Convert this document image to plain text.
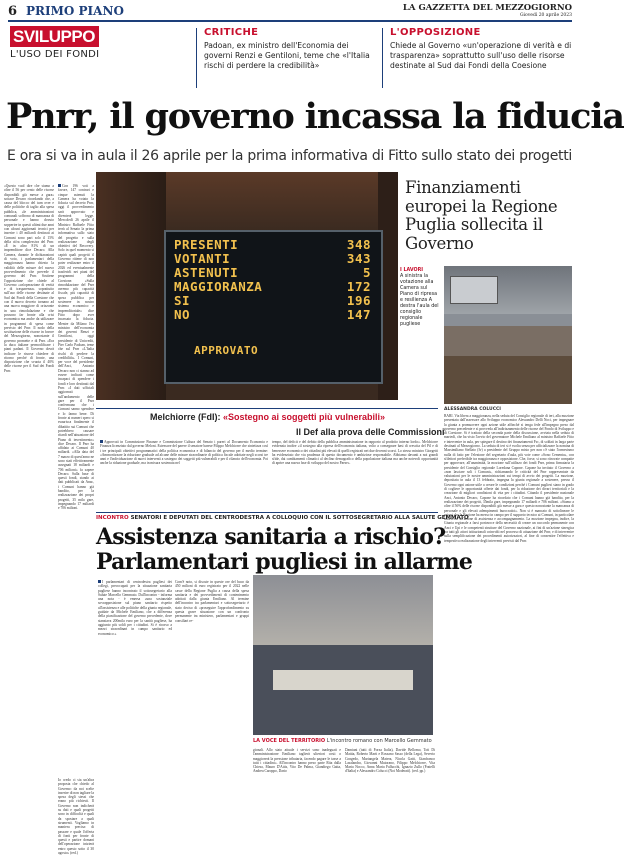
6 PRIMO PIANO	LA GAZZETTA DEL MEZZOGIORNO
Giovedì 20 aprile 2023
SVILUPPO
L'USO DEI FONDI
CRITICHE
Padoan, ex ministro dell'Economia dei governi Renzi e Gentiloni, teme che «l'Italia rischi di perdere la credibilità»
L'OPPOSIZIONE
Chiede al Governo «un'operazione di verità e di trasparenza» soprattutto sull'uso delle risorse destinate al Sud dai Fondi della Coesione
Pnrr, il governo incassa la fiducia
E ora si va in aula il 26 aprile per la prima informativa di Fitto sullo stato dei progetti

Con 196 voti a favore, 147 contrari e cinque astenuti la Camera ha votato la fiducia sul decreto Pnrr, oggi il provvedimento sarà approvato e diventerà legge. Mercoledì 26 aprile il Ministro Raffaele Fitto terrà al Senato la prima informativa sullo stato del progetto e sulla realizzazione degli obiettivi del Recovery. Solo in quel momento si capirà quali progetti il Governo ritiene di non poter realizzare entro il 2026 ed eventualmente trasferirli nei piani del programmi della Coesione. «Sulla rimodulazione del Pnrr avremo più capacità fiscale, più capacità di spesa pubblica per sostenere in nostro sistema economico e imprenditoriale» dice Fitto dopo aver incassato la fiducia. Mentre da Milano l'ex ministro dell'economia dei governi Renzi e Gentiloni, oggi presidente di Unicredit, Pier Carlo Padoan, teme che sul Pnrr «L'Italia rischi di perdere la credibilità». I Comuni, per voce del presidente dell'Anci, Antonio Decaro non ci stanno ad essere indicati come incapaci di spendere i fondi e loro destinati dal Pnrr. «I dati ufficiali aggiornati sull'andamento delle gare per il Pnrr confermano che i Comuni sanno spendere e lo fanno bene. Di fronte ai numeri spero si esaurisca finalmente il dibattito sui Comuni che potrebbero causare ritardi nell'attuazione del Piano di investimento» dice Decaro. Il Pnrr ha affidato ai Comuni 40 miliardi. «Alla data del 7 marzo di quest'anno ne sono stati effettivamente assegnati 18 miliardi e 706 milioni» fa sapere Decaro. Sulla base di questi fondi, stando ai dati pubblicati da Anac, i Comuni hanno già bandito, per la realizzazione dei propri progetti, 35 mila gare, impegnando 17 miliardi e 706 milioni.

«Questo vuol dire che siamo a oltre il 56 per cento delle risorse disponibili già messe a gara» sottace Decaro ricordando che, a causa del blocco del turn over e delle politiche di taglio alla spesa pubblica, «le amministrazioni comunali soffrono di mancanza di personale e hanno dovuto sopperire in questi ultimi due anni con alcuni aggiornati tecnici per inserire i 40 miliardi destinati ai Comuni sono pari solo il 15% della cifra complessiva del Pnrr. «È in altro 81% di un imprenditore dice Decaro. Alla Camera, durante le dichiarazioni di voto, i parlamentari della maggioranza hanno chiesto la validità delle misure del nuovo provvedimento che prevede il governo del Pnrr. Sostiene l'opposizione che chiede al Governo «un'operazione di verità e di trasparenza» soprattutto sull'uso delle risorse destinate al Sud dai Fondi della Coesione che con il nuovo decreto tornano ad una nuova maggiore di orizzonte in una rimodulazione e che possono far fronte alla crisi economica ma anche da utilizzare in programmi di spesa come previsto del Pnrr. Il nodo della sostituzione delle risorse in favore del Mezzogiorno, nonostante il governo promette e di Pnrr. «Era la duca italiane permodificare i piani padani. Il Governo dovrà indicare le risorse chiedere di ritorno perché di fronte, una disposizione che svuota il 40% delle risorse per il Sud dei Fondi Pnrr.

PRESENTI
VOTANTI
ASTENUTI
MAGGIORANZA
SI
NO
348
343
5
172
196
147
APPROVATO
I LAVORI
A sinistra la votazione alla Camera sul Piano di ripresa e resilienza A destra l'aula del consiglio regionale pugliese
Finanziamenti europei la Regione Puglia sollecita il Governo
ALESSANDRA COLUCCI

BARI. Via libera a maggioranza, nella seduta del Consiglio regionale di ieri, alla mozione presentata dall'assessore allo Sviluppo economico Alessandro Delli Noci, per impegnare la giunta a promuovere ogni azione utile affinché si tenga fede all'impegno preso dal governo precedente e si provveda all'indirizzamento delle risorse del Fondo di Sviluppo e di Coesione. Si è trattato della seconda parte della discussione, avviata nella seduta di martedì, che ha visto l'avvio del governatore Michele Emiliano al ministro Raffaele Fitto e intervenire in aula, per spiegare il destino dei finanziamenti Fsc, di soldati in larga parte destinati al Mezzogiorno. La seduta di ieri si è svolta senza per ufficializzare la nomina di Massimiliano Stellato (Iv) a presidente del Gruppo misto per non c'è stato l'ormesismo nulla di fatto per l'elezione del segretario d'aula, più vote come «Sono Cementa», con sfilettori preferibile tra maggioranza e opposizione. Che, forse, si sono ritrovate compatte per approvare, all'unanimità, la mozione sull'utilizzo dei fondi Pnrr, prima firmataria la presidente del Consiglio regionale Loredana Capone. Capone ha invitato il Governo a «non lasciare soli i Comuni», richiamando le criticità del Pnrr rappresentate da valutazioni per le nostre amministrazioni sui tempi di avvio dei progetti. La mozione, depositata in aula il 13 febbraio, impegna la giunta regionale a sostenere, presso il Governo ogni azione utile a creare le condizioni perché i Comuni pugliesi siano in grado di cogliere le opportunità offerte dai fondi, per la riduzione dei divari territoriali e la creazione di migliori condizioni di vita per i cittadini. Citando il presidente nazionale Anci, Antonio Decaro, Capone ha ricordato che i Comuni hanno già bandito, per la realizzazione dei progetti, 35mila gare, impegnando 17 miliardi e 706 milioni. «Siamo a oltre il 56% delle risorse disponibili già messe a gara e questo nonostante la mancanza di personale e gli elevati adempimenti burocratici». Non si è mancato di sottolineare le azioni che la Regione ha messo in campo per il supporto tecnico ai Comuni, in particolare attraverso un'azione di assistenza e accompagnamento. La mozione impegna, inoltre, la Giunta regionale a farsi portavoce della necessità di creare un raccordo permanente con Anci e Upi e le competenti strutture del Governo nazionale, ai fini di un'azione sinergica tra tutti gli attori istituzionali coinvolti nel processo di attuazione del Pnrr, e di intervenire sulla semplificazione dei procedimenti autorizzatori, al fine di consentire l'effettiva e tempestiva realizzazione degli interventi previsti dal Pnrr.

Melchiorre (FdI): «Sostegno ai soggetti più vulnerabili»
Il Def alla prova delle Commissioni

Approvati in Commissione Finanze e Commissione Cultura del Senato i pareri al Documento Economia e Finanza licenziato dal governo Meloni. Estensore del parere il senatore barese Filippo Melchiorre che sintetizza così i tre principali obiettivi programmatici della politica economica e di bilancio del governo per il medio termine: «Ammortizzare la riduzione graduale ad alcune delle misure straordinarie di politica fiscale adottate negli scorsi tre anni e l'individuazione di nuovi interventi a sostegno dei soggetti più vulnerabili e per il rilancio dell'economia. Poi anche la riduzione graduale, ma in misura sostenuta nel

tempo, del deficit e del debito della pubblica amministrazione in rapporto al prodotto interno lordo». Melchiorre evidenzia inoltre «il sostegno alla ripresa dell'economia italiana, volto a consegnare basi di crescita del Pil e di benessere economico dei cittadini più elevati di quelli registrati nei due decenni scorsi. Lo stesso ministro Giorgetti ha evidenziato che via prudenza di questo documento è ambiziose responsabile. Abbiamo davanti a noi grandi sfide, dai cambiamenti climatici al declino demografico della popolazione italiana ma anche notevoli opportunità di aprire una nuova fase di sviluppo del nostro Paese».

INCONTRO SENATORI E DEPUTATI DEL CENTRODESTRA A COLLOQUIO CON IL SOTTOSEGRETARIO ALLA SALUTE GEMMATO
Assistenza sanitaria a rischio?
Parlamentari pugliesi in allarme

I parlamentari di centrodestra pugliesi dei collegi, preoccupati per la situazione sanitaria pugliese hanno incontrato il sottosegretario alla Salute Marcello Gemmato. Dall'incontro - informa una nota - è emersa «una sostanziale sovrapposizione sul piano sanitario rispetto all'assistenza e alle politiche della giunta regionale, guidate da Michele Emiliano, che a differenza della pianificazione del governo precedente, dove stanziava 200mila euro per la sanità pugliese, ha aggiunto più soldi per i cittadini. Si è ricorso a mezzi straordinari in campo sanitario ed economico.»

Com'è noto, si discute in queste ore del buco da 450 milioni di euro registrato per il 2022 nelle casse della Regione Puglia a causa della spesa sanitaria e dei provvedimenti di contenimento adottati dalla giunta Emiliano. Al termine dell'incontro tra parlamentari e sottosegretario è stato deciso di «proseguire l'approfondimento su questa grave situazione con un confronto permanente tra ministero, parlamentari e gruppi consiliari re-

LA VOCE DEL TERRITORIO L'incontro romano con Marcello Gemmato

gionali. Allo stato attuale i servizi sono inadeguati e l'amministrazione Emiliano taglierà ulteriori costi o maggiorerà la pressione tributaria, facendo pagare le tasse a tutti i cittadini». All'incontro hanno preso parte Rita dalla Chiesa, Mauro D'Attis, Vito De Palma, Giandiego Gatta, Andrea Caroppo, Dario

Damiani (tutti di Forza Italia), Davide Bellomo, Toti Di Mattia, Roberto Marti e Rossano Sasso (della Lega), Severio Congedo, Mariangela Matera, Nicola Gatti, Gianfranco Lasalandra, Giovanni Maiorano, Filippo Melchiorre, Vita Maria Nocco, Anna Maria Fallucchi, Ignazio Zullo (Fratelli d'Italia) e Alessandro Colucci (Noi Moderati). (red. pp.)

Io credo ci sia un'altra proposta che chiedo al Governo: da noi scelte inserire di non tagliare la spesa degli stessi che erano più richiesti. Il Governo non indicherà su dati e quali progetti sono in difficoltà e quali da spostare a quali strumenti. Vogliamo in maniera precisa: di passare e quale l'offerta di fonti per fronte di questi e partire domani dell'operazione inizierà entro questo sotto il 30 agosto» (red.)
